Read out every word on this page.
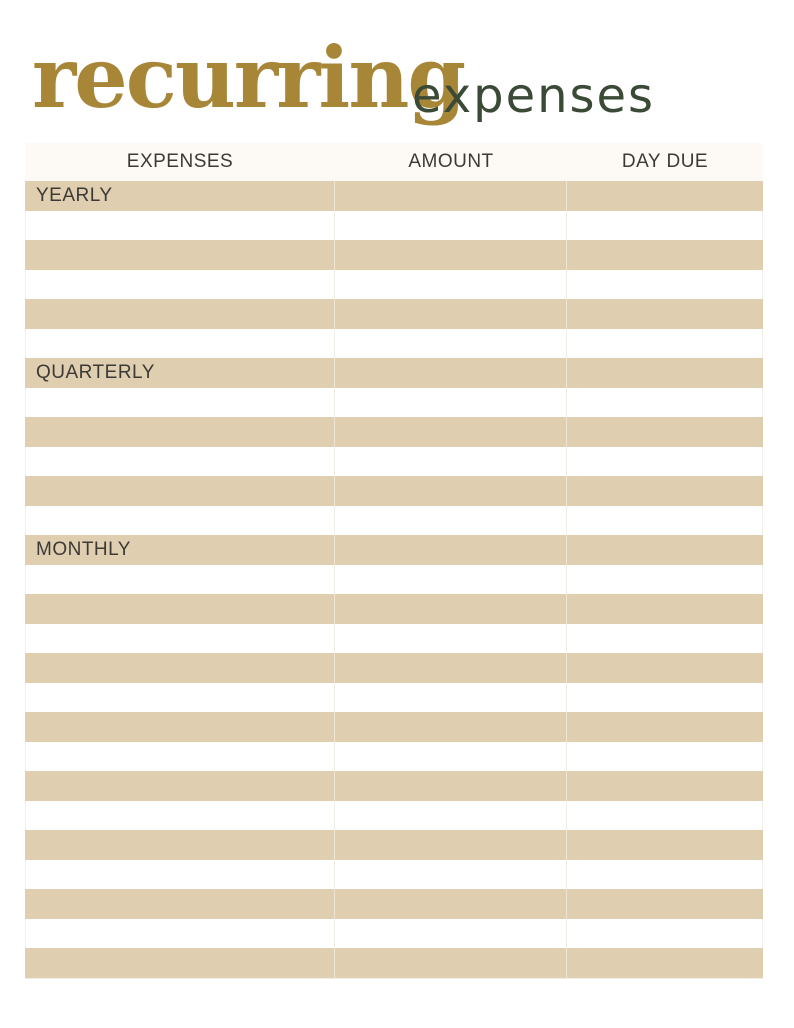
recurring
expenses
EXPENSES	AMOUNT	DAY DUE
YEARLY
QUARTERLY
MONTHLY
